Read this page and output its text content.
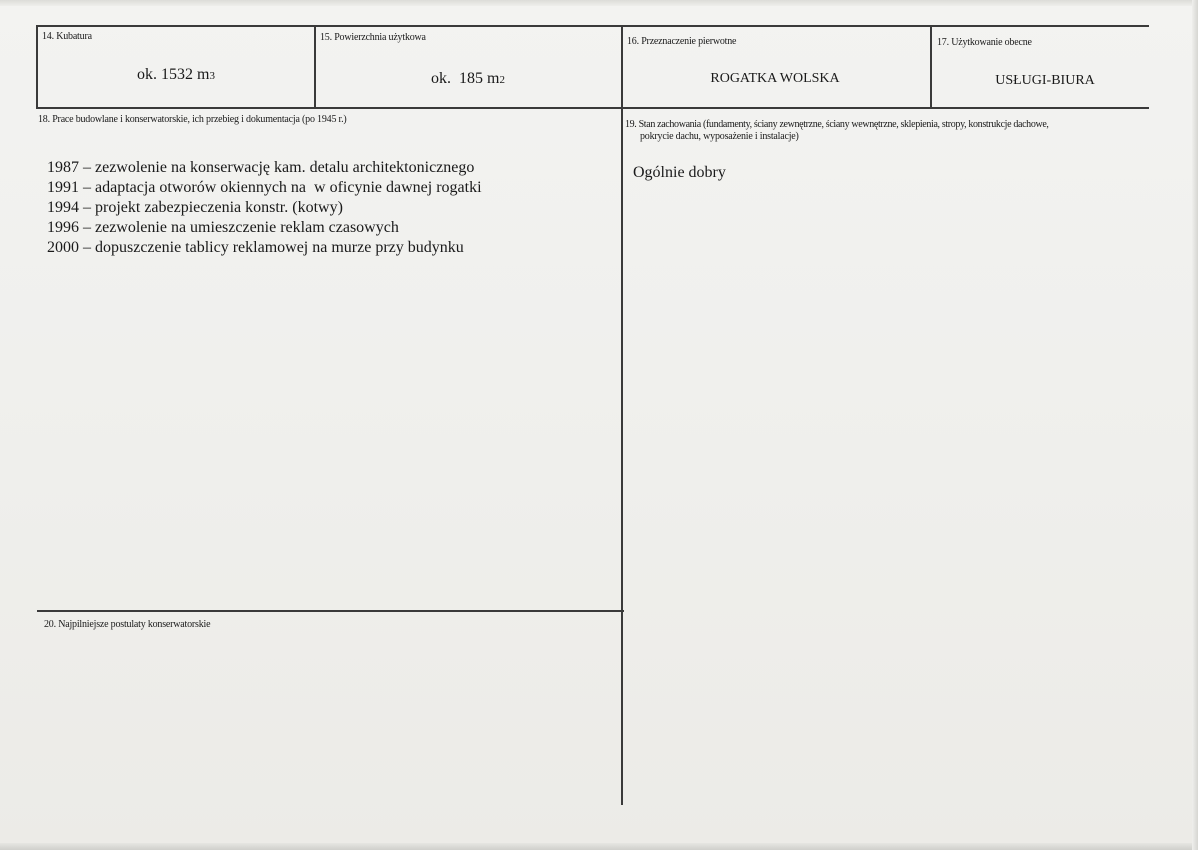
14. Kubatura
ok. 1532 m3
15. Powierzchnia użytkowa
ok.  185 m2
16. Przeznaczenie pierwotne
ROGATKA WOLSKA
17. Użytkowanie obecne
USŁUGI-BIURA
18. Prace budowlane i konserwatorskie, ich przebieg i dokumentacja (po 1945 r.)
1987 – zezwolenie na konserwację kam. detalu architektonicznego
1991 – adaptacja otworów okiennych na  w oficynie dawnej rogatki
1994 – projekt zabezpieczenia konstr. (kotwy)
1996 – zezwolenie na umieszczenie reklam czasowych
2000 – dopuszczenie tablicy reklamowej na murze przy budynku
19. Stan zachowania (fundamenty, ściany zewnętrzne, ściany wewnętrzne, sklepienia, stropy, konstrukcje dachowe,
pokrycie dachu, wyposażenie i instalacje)
Ogólnie dobry
20. Najpilniejsze postulaty konserwatorskie
